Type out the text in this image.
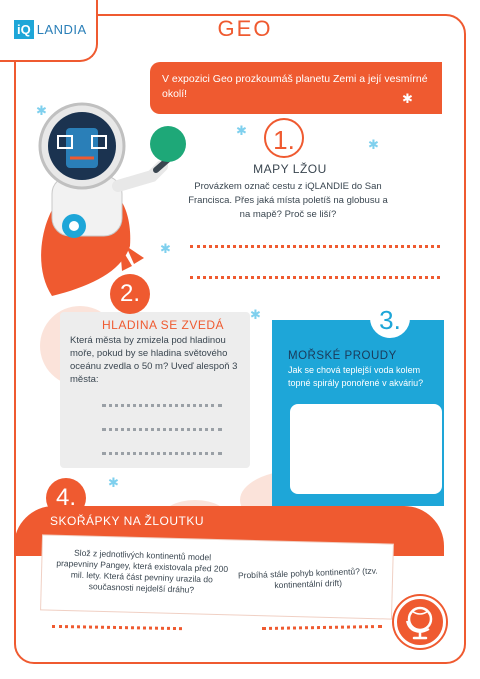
iQ LANDIA	GEO
V expozici Geo prozkoumáš planetu Zemi a její vesmírné okolí!
✱
✱
✱
✱
✱
✱
✱
1.
MAPY LŽOU
Provázkem označ cestu z iQLANDIE do San Francisca. Přes jaká místa poletíš na globusu a na mapě? Proč se liší?
2.
HLADINA SE ZVEDÁ
Která města by zmizela pod hladinou moře, pokud by se hladina světového oceánu zvedla o 50 m? Uveď alespoň 3 města:
3.
MOŘSKÉ PROUDY
Jak se chová teplejší voda kolem topné spirály ponořené v akváriu?
4.
SKOŘÁPKY NA ŽLOUTKU
Slož z jednotlivých kontinentů model prapevniny Pangey, která existovala před 200 mil. lety. Která část pevniny urazila do současnosti nejdelší dráhu?
Probíhá stále pohyb kontinentů? (tzv. kontinentální drift)
